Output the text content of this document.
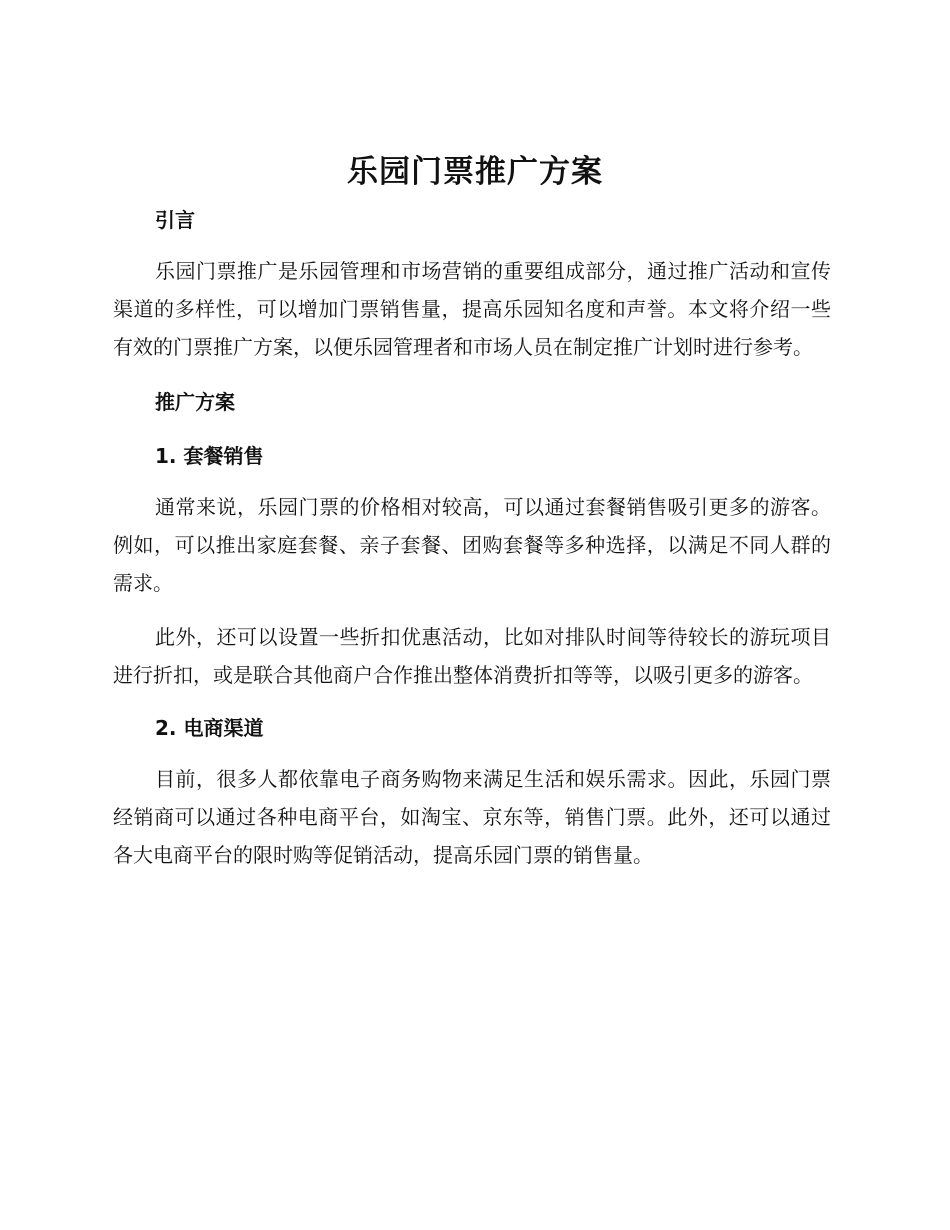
乐园门票推广方案
引言

乐园门票推广是乐园管理和市场营销的重要组成部分，通过推广活动和宣传渠道的多样性，可以增加门票销售量，提高乐园知名度和声誉。本文将介绍一些有效的门票推广方案，以便乐园管理者和市场人员在制定推广计划时进行参考。

推广方案
1. 套餐销售

通常来说，乐园门票的价格相对较高，可以通过套餐销售吸引更多的游客。例如，可以推出家庭套餐、亲子套餐、团购套餐等多种选择，以满足不同人群的需求。

此外，还可以设置一些折扣优惠活动，比如对排队时间等待较长的游玩项目进行折扣，或是联合其他商户合作推出整体消费折扣等等，以吸引更多的游客。

2. 电商渠道

目前，很多人都依靠电子商务购物来满足生活和娱乐需求。因此，乐园门票经销商可以通过各种电商平台，如淘宝、京东等，销售门票。此外，还可以通过各大电商平台的限时购等促销活动，提高乐园门票的销售量。
